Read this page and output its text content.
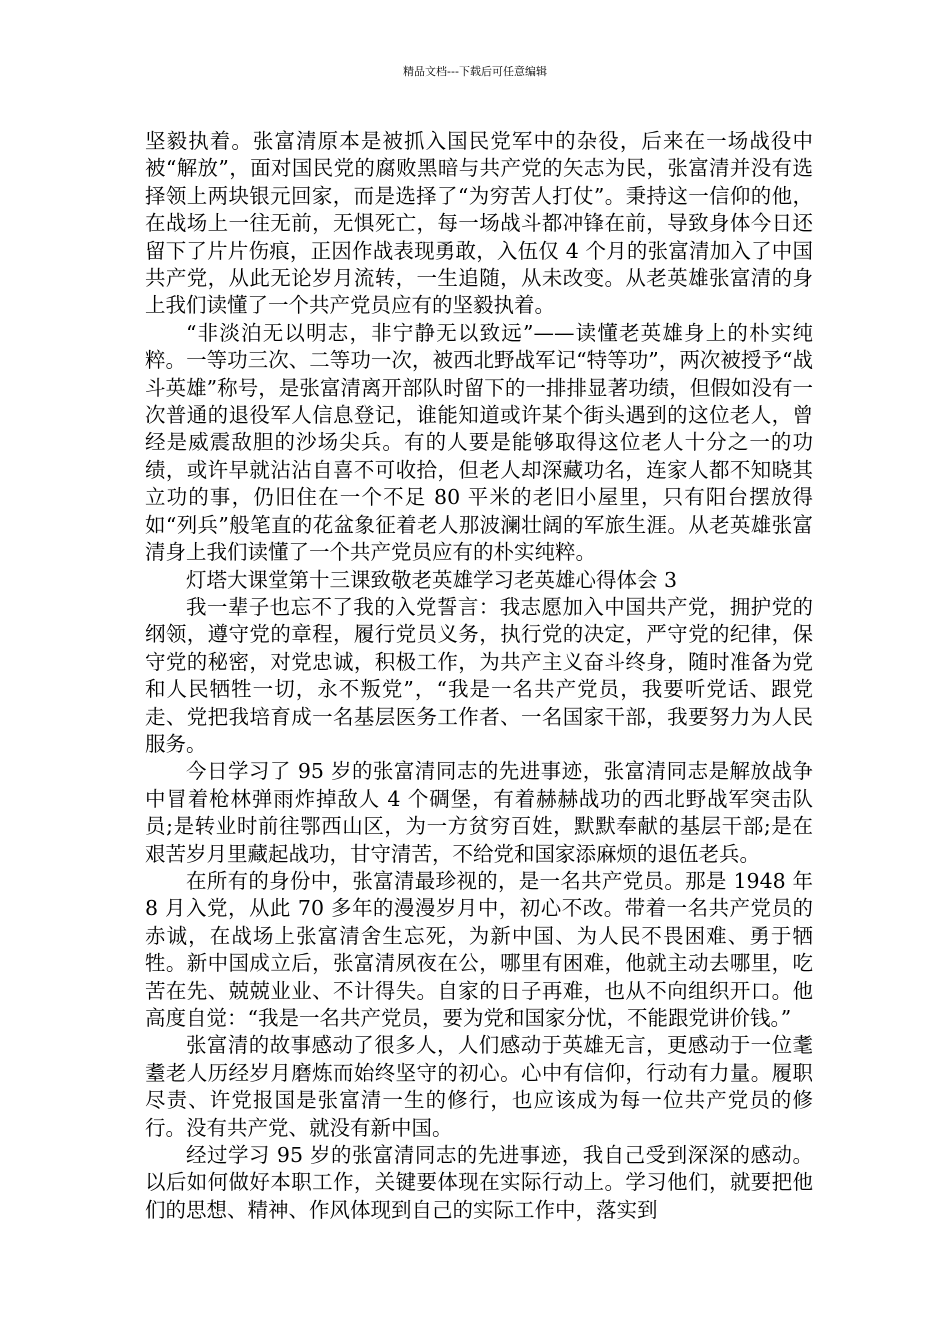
精品文档---下载后可任意编辑

坚毅执着。张富清原本是被抓入国民党军中的杂役，后来在一场战役中被“解放”，面对国民党的腐败黑暗与共产党的矢志为民，张富清并没有选择领上两块银元回家，而是选择了“为穷苦人打仗”。秉持这一信仰的他，在战场上一往无前，无惧死亡，每一场战斗都冲锋在前，导致身体今日还留下了片片伤痕，正因作战表现勇敢，入伍仅 4 个月的张富清加入了中国共产党，从此无论岁月流转，一生追随，从未改变。从老英雄张富清的身上我们读懂了一个共产党员应有的坚毅执着。

“非淡泊无以明志，非宁静无以致远”——读懂老英雄身上的朴实纯粹。一等功三次、二等功一次，被西北野战军记“特等功”，两次被授予“战斗英雄”称号，是张富清离开部队时留下的一排排显著功绩，但假如没有一次普通的退役军人信息登记，谁能知道或许某个街头遇到的这位老人，曾经是威震敌胆的沙场尖兵。有的人要是能够取得这位老人十分之一的功绩，或许早就沾沾自喜不可收拾，但老人却深藏功名，连家人都不知晓其立功的事，仍旧住在一个不足 80 平米的老旧小屋里，只有阳台摆放得如“列兵”般笔直的花盆象征着老人那波澜壮阔的军旅生涯。从老英雄张富清身上我们读懂了一个共产党员应有的朴实纯粹。

灯塔大课堂第十三课致敬老英雄学习老英雄心得体会 3

我一辈子也忘不了我的入党誓言：我志愿加入中国共产党，拥护党的纲领，遵守党的章程，履行党员义务，执行党的决定，严守党的纪律，保守党的秘密，对党忠诚，积极工作，为共产主义奋斗终身，随时准备为党和人民牺牲一切，永不叛党”，“我是一名共产党员，我要听党话、跟党走、党把我培育成一名基层医务工作者、一名国家干部，我要努力为人民服务。

今日学习了 95 岁的张富清同志的先进事迹，张富清同志是解放战争中冒着枪林弹雨炸掉敌人 4 个碉堡，有着赫赫战功的西北野战军突击队员;是转业时前往鄂西山区，为一方贫穷百姓，默默奉献的基层干部;是在艰苦岁月里藏起战功，甘守清苦，不给党和国家添麻烦的退伍老兵。

在所有的身份中，张富清最珍视的，是一名共产党员。那是 1948 年 8 月入党，从此 70 多年的漫漫岁月中，初心不改。带着一名共产党员的赤诚，在战场上张富清舍生忘死，为新中国、为人民不畏困难、勇于牺牲。新中国成立后，张富清夙夜在公，哪里有困难，他就主动去哪里，吃苦在先、兢兢业业、不计得失。自家的日子再难，也从不向组织开口。他高度自觉：“我是一名共产党员，要为党和国家分忧，不能跟党讲价钱。”

张富清的故事感动了很多人，人们感动于英雄无言，更感动于一位耄耋老人历经岁月磨炼而始终坚守的初心。心中有信仰，行动有力量。履职尽责、许党报国是张富清一生的修行，也应该成为每一位共产党员的修行。没有共产党、就没有新中国。

经过学习 95 岁的张富清同志的先进事迹，我自己受到深深的感动。以后如何做好本职工作，关键要体现在实际行动上。学习他们，就要把他们的思想、精神、作风体现到自己的实际工作中，落实到
